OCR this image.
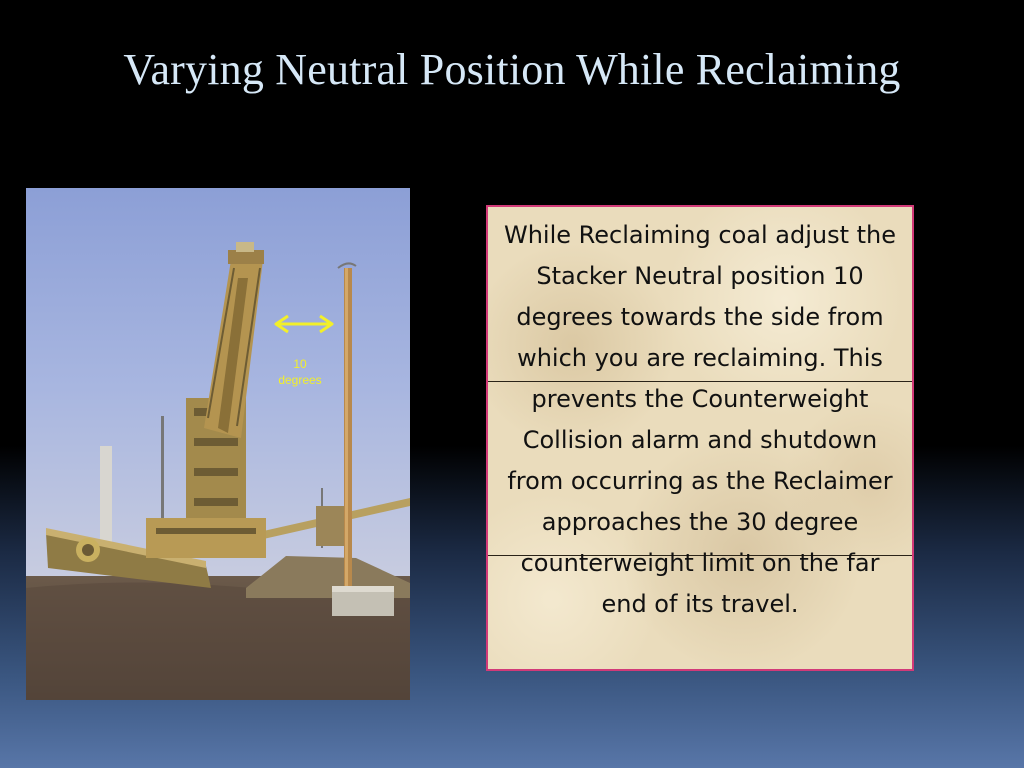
Varying Neutral Position While Reclaiming
10
degrees

While Reclaiming coal adjust the Stacker Neutral position 10 degrees towards the side from which you are reclaiming. This prevents the Counterweight Collision alarm and shutdown from occurring as the Reclaimer approaches the 30 degree counterweight limit on the far end of its travel.
